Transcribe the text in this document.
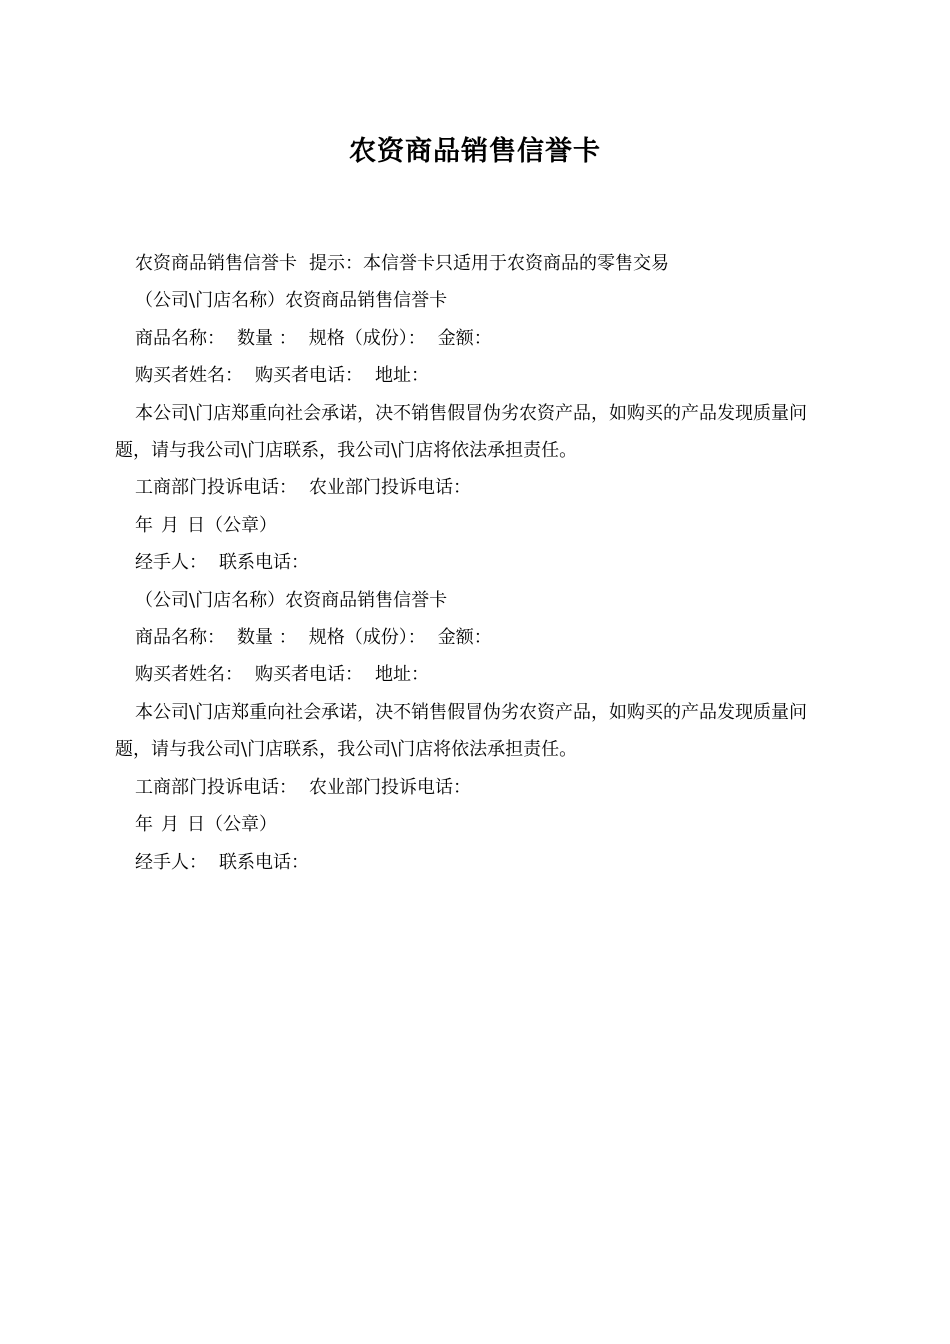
农资商品销售信誉卡

农资商品销售信誉卡 提示：本信誉卡只适用于农资商品的零售交易

（公司\门店名称）农资商品销售信誉卡

商品名称： 数量 ： 规格（成份）： 金额：

购买者姓名： 购买者电话： 地址：

本公司\门店郑重向社会承诺，决不销售假冒伪劣农资产品，如购买的产品发现质量问题，请与我公司\门店联系，我公司\门店将依法承担责任。

工商部门投诉电话： 农业部门投诉电话：

年 月 日（公章）

经手人： 联系电话：

（公司\门店名称）农资商品销售信誉卡

商品名称： 数量 ： 规格（成份）： 金额：

购买者姓名： 购买者电话： 地址：

本公司\门店郑重向社会承诺，决不销售假冒伪劣农资产品，如购买的产品发现质量问题，请与我公司\门店联系，我公司\门店将依法承担责任。

工商部门投诉电话： 农业部门投诉电话：

年 月 日（公章）

经手人： 联系电话：
